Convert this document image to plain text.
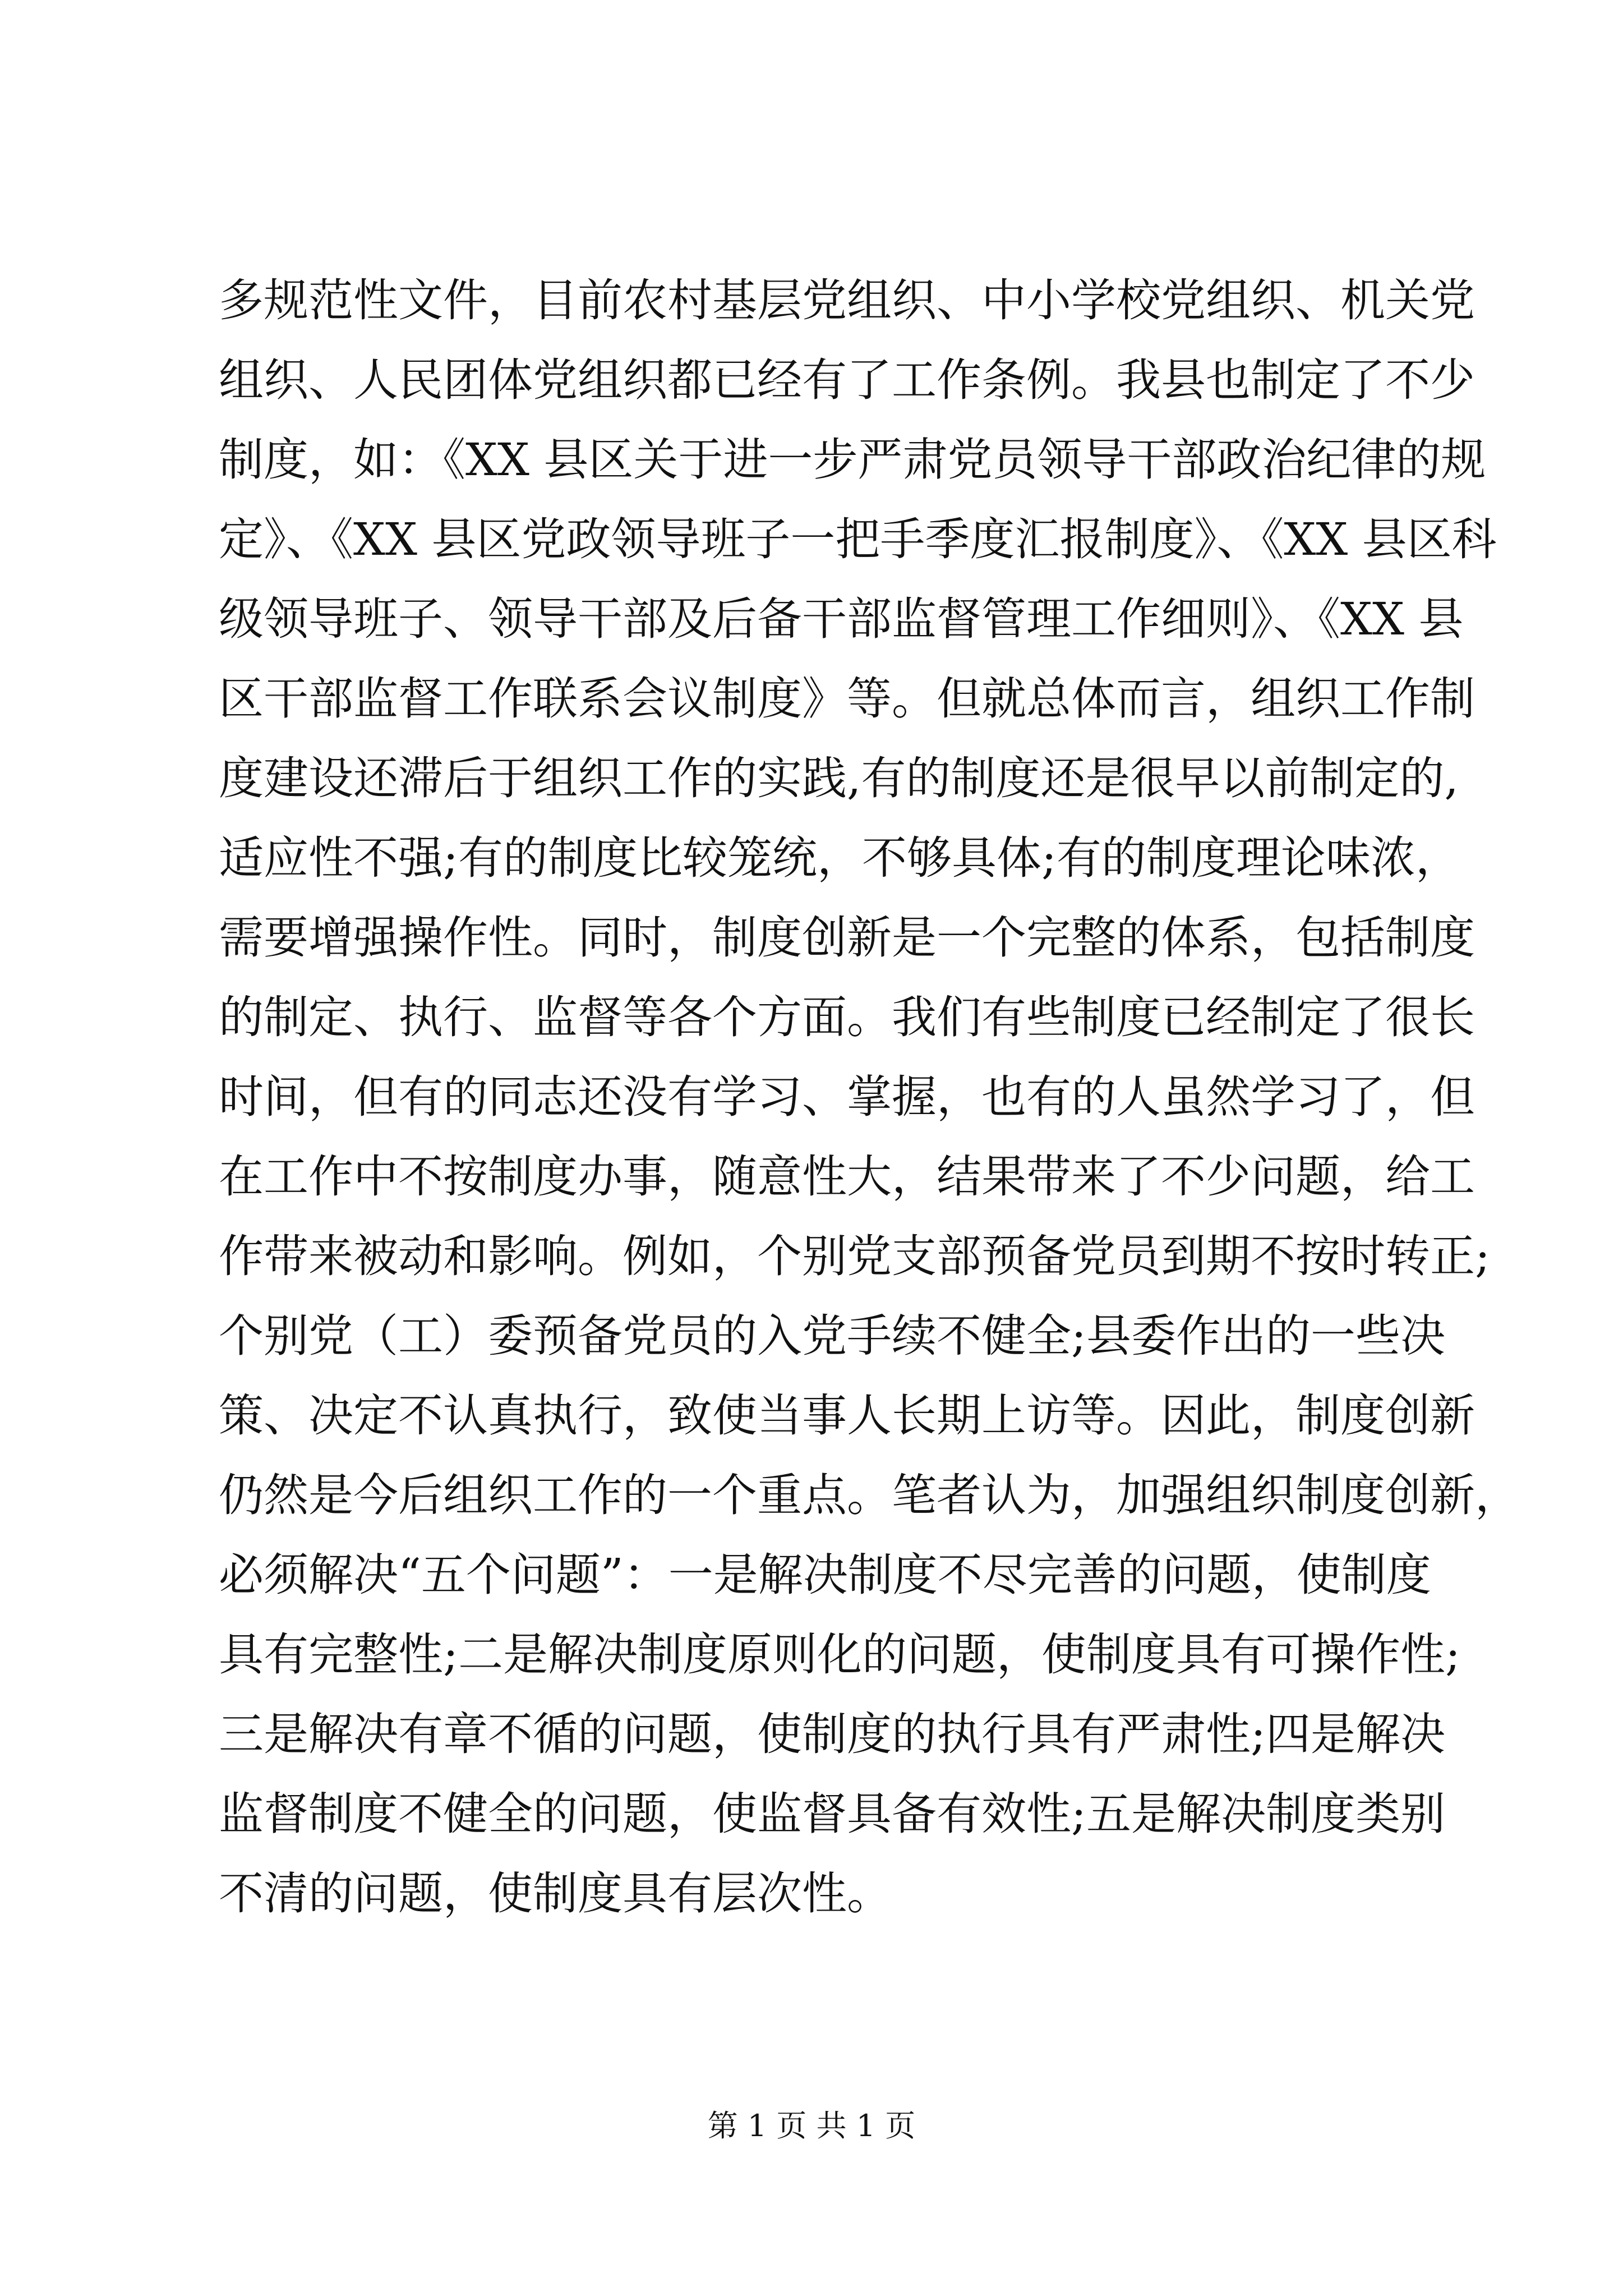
多规范性文件，目前农村基层党组织、中小学校党组织、机关党
组织、人民团体党组织都已经有了工作条例。我县也制定了不少
制度，如：《XX 县区关于进一步严肃党员领导干部政治纪律的规
定》、《XX 县区党政领导班子一把手季度汇报制度》、《XX 县区科
级领导班子、领导干部及后备干部监督管理工作细则》、《XX 县
区干部监督工作联系会议制度》等。但就总体而言，组织工作制
度建设还滞后于组织工作的实践,有的制度还是很早以前制定的,
适应性不强;有的制度比较笼统，不够具体;有的制度理论味浓，
需要增强操作性。同时，制度创新是一个完整的体系，包括制度
的制定、执行、监督等各个方面。我们有些制度已经制定了很长
时间，但有的同志还没有学习、掌握，也有的人虽然学习了，但
在工作中不按制度办事，随意性大，结果带来了不少问题，给工
作带来被动和影响。例如，个别党支部预备党员到期不按时转正;
个别党（工）委预备党员的入党手续不健全;县委作出的一些决
策、决定不认真执行，致使当事人长期上访等。因此，制度创新
仍然是今后组织工作的一个重点。笔者认为，加强组织制度创新，
必须解决“五个问题”：一是解决制度不尽完善的问题，使制度
具有完整性;二是解决制度原则化的问题，使制度具有可操作性;
三是解决有章不循的问题，使制度的执行具有严肃性;四是解决
监督制度不健全的问题，使监督具备有效性;五是解决制度类别
不清的问题，使制度具有层次性。
第 1 页 共 1 页
